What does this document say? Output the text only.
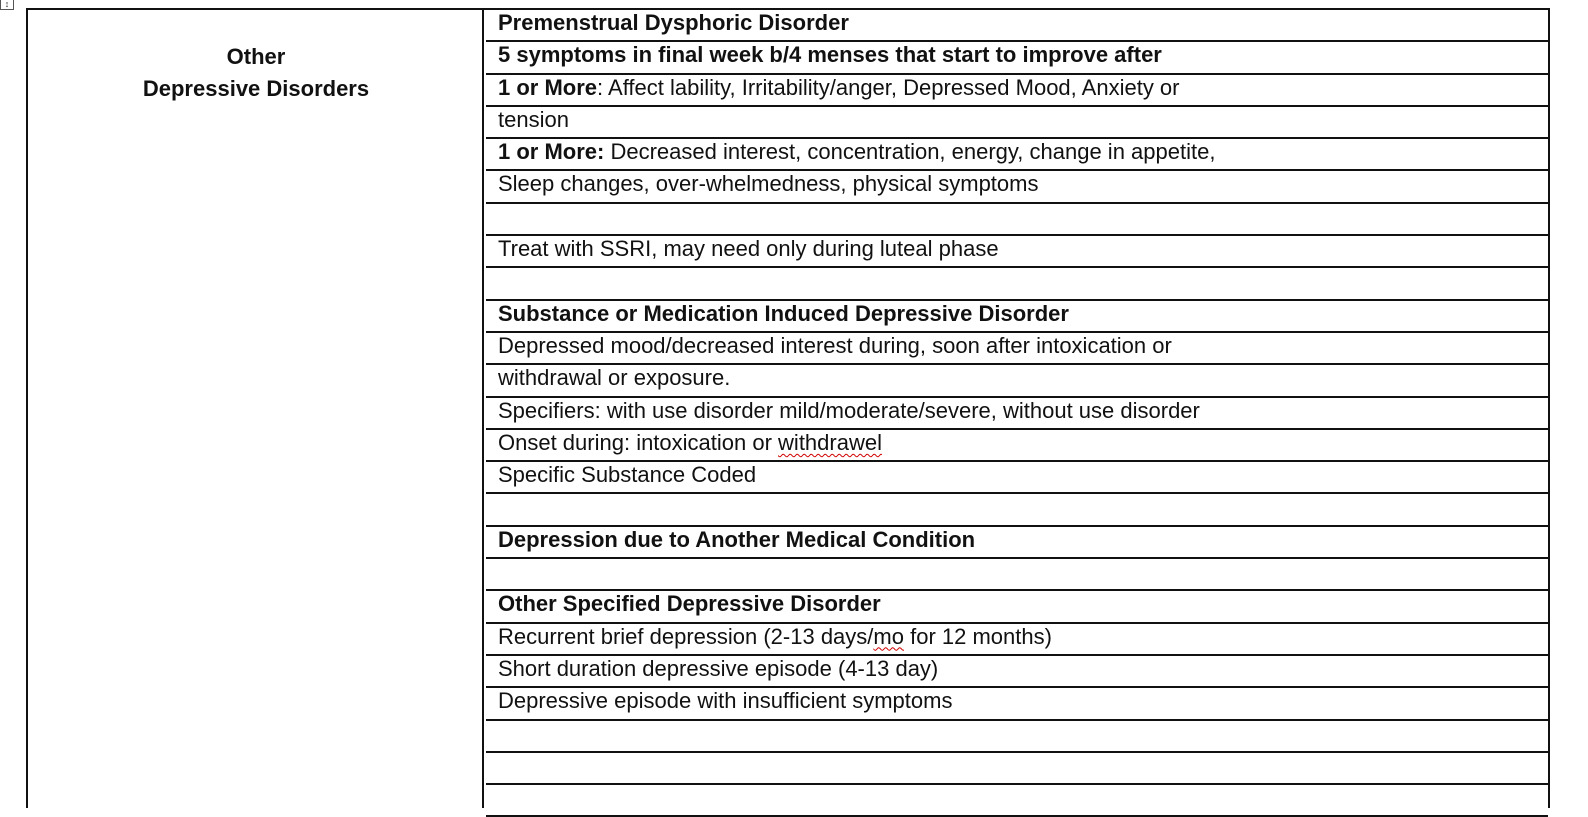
↕
Other
Depressive Disorders
Premenstrual Dysphoric Disorder
5 symptoms in final week b/4 menses that start to improve after
1 or More: Affect lability, Irritability/anger, Depressed Mood, Anxiety or
tension
1 or More: Decreased interest, concentration, energy, change in appetite,
Sleep changes, over-whelmedness, physical symptoms
Treat with SSRI, may need only during luteal phase
Substance or Medication Induced Depressive Disorder
Depressed mood/decreased interest during, soon after intoxication or
withdrawal or exposure.
Specifiers: with use disorder mild/moderate/severe, without use disorder
Onset during: intoxication or withdrawel
Specific Substance Coded
Depression due to Another Medical Condition
Other Specified Depressive Disorder
Recurrent brief depression (2-13 days/mo for 12 months)
Short duration depressive episode (4-13 day)
Depressive episode with insufficient symptoms
